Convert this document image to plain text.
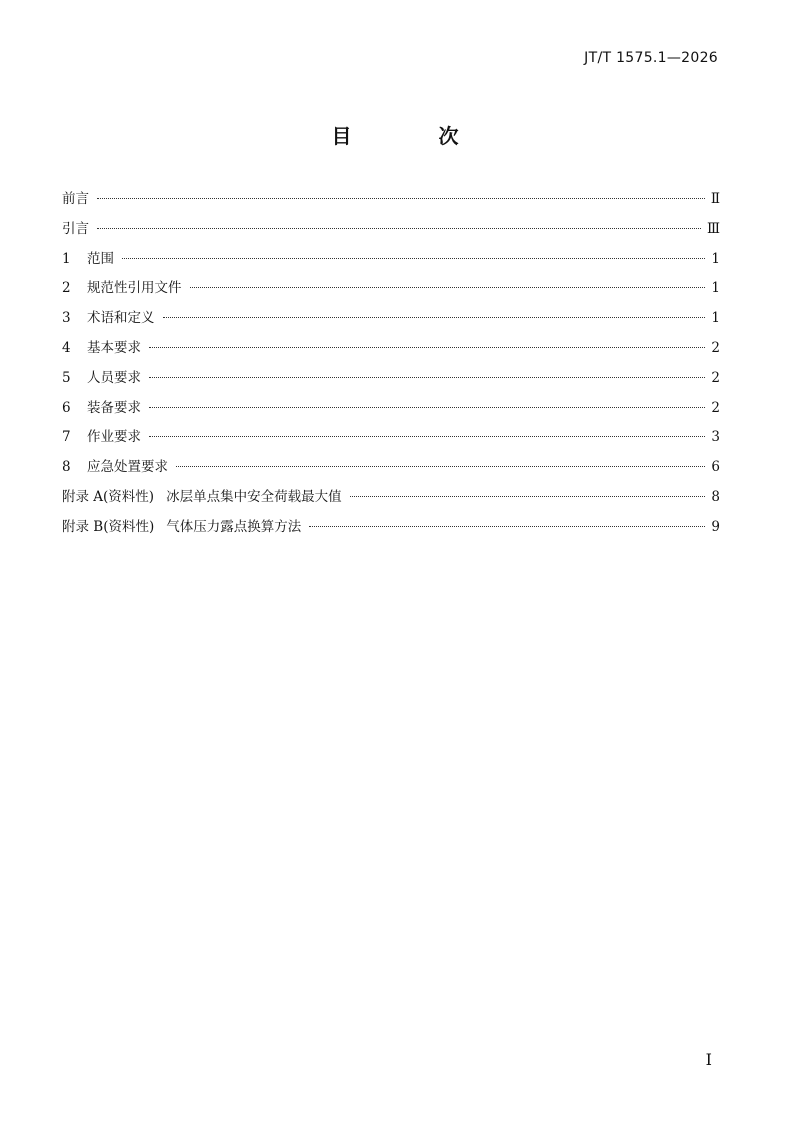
JT/T 1575.1—2026
目 次
前言	Ⅱ
引言	Ⅲ
1 范围	1
2 规范性引用文件	1
3 术语和定义	1
4 基本要求	2
5 人员要求	2
6 装备要求	2
7 作业要求	3
8 应急处置要求	6
附录 A(资料性) 冰层单点集中安全荷载最大值	8
附录 B(资料性) 气体压力露点换算方法	9
I
